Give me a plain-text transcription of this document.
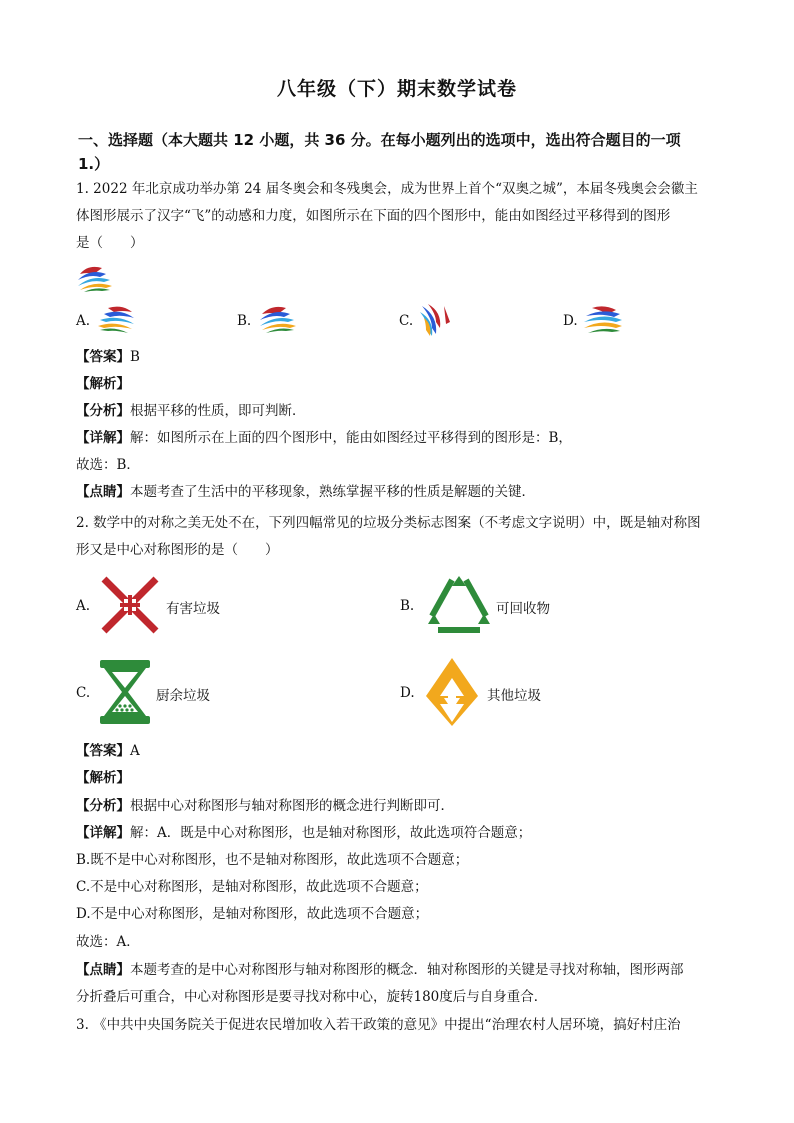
八年级（下）期末数学试卷
一、选择题（本大题共 12 小题，共 36 分。在每小题列出的选项中，选出符合题目的一项
1.）
1. 2022 年北京成功举办第 24 届冬奥会和冬残奥会，成为世界上首个“双奥之城”，本届冬残奥会会徽主
体图形展示了汉字“飞”的动感和力度，如图所示在下面的四个图形中，能由如图经过平移得到的图形
是（　　）
A.	B.	C.	D.
【答案】B
【解析】
【分析】根据平移的性质，即可判断．
【详解】解：如图所示在上面的四个图形中，能由如图经过平移得到的图形是：B，
故选：B．
【点睛】本题考查了生活中的平移现象，熟练掌握平移的性质是解题的关键．
2. 数学中的对称之美无处不在，下列四幅常见的垃圾分类标志图案（不考虑文字说明）中，既是轴对称图
形又是中心对称图形的是（　　）
A.	有害垃圾	B.	可回收物
C.	厨余垃圾	D.	其他垃圾
【答案】A
【解析】
【分析】根据中心对称图形与轴对称图形的概念进行判断即可．
【详解】解：A．既是中心对称图形，也是轴对称图形，故此选项符合题意；
B.既不是中心对称图形，也不是轴对称图形，故此选项不合题意；
C.不是中心对称图形，是轴对称图形，故此选项不合题意；
D.不是中心对称图形，是轴对称图形，故此选项不合题意；
故选：A．
【点睛】本题考查的是中心对称图形与轴对称图形的概念．轴对称图形的关键是寻找对称轴，图形两部
分折叠后可重合，中心对称图形是要寻找对称中心，旋转180度后与自身重合．
3. 《中共中央国务院关于促进农民增加收入若干政策的意见》中提出“治理农村人居环境，搞好村庄治
